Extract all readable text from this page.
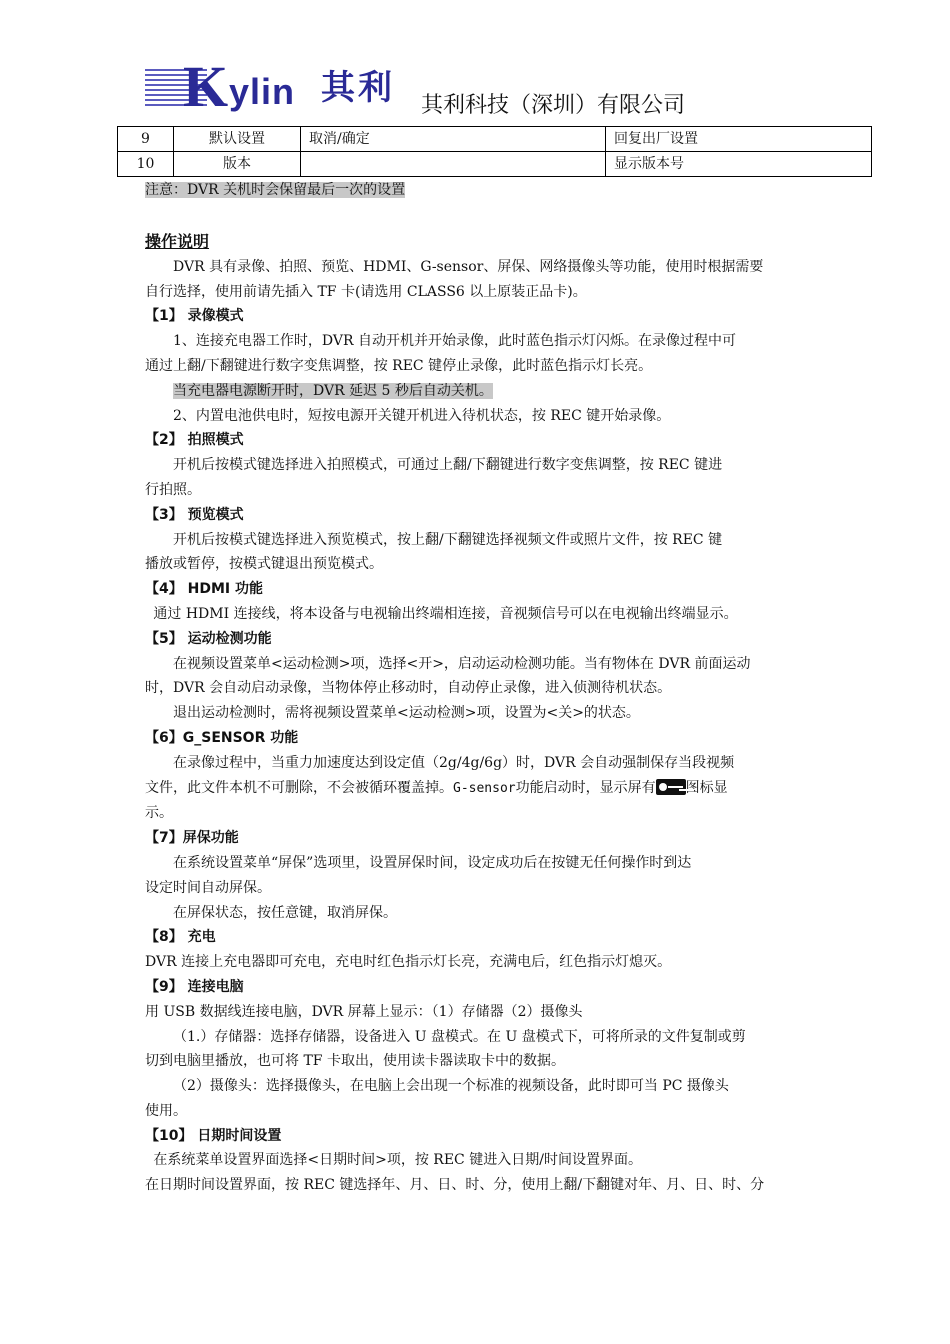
K ylin 其利 其利科技（深圳）有限公司
9	默认设置	取消/确定	回复出厂设置
10	版本		显示版本号

注意：DVR 关机时会保留最后一次的设置

操作说明

DVR 具有录像、拍照、预览、HDMI、G-sensor、屏保、网络摄像头等功能，使用时根据需要

自行选择，使用前请先插入 TF 卡(请选用 CLASS6 以上原装正品卡)。

【1】 录像模式

1、连接充电器工作时，DVR 自动开机并开始录像，此时蓝色指示灯闪烁。在录像过程中可

通过上翻/下翻键进行数字变焦调整，按 REC 键停止录像，此时蓝色指示灯长亮。

当充电器电源断开时，DVR 延迟 5 秒后自动关机。

2、内置电池供电时，短按电源开关键开机进入待机状态，按 REC 键开始录像。

【2】 拍照模式

开机后按模式键选择进入拍照模式，可通过上翻/下翻键进行数字变焦调整，按 REC 键进

行拍照。

【3】 预览模式

开机后按模式键选择进入预览模式，按上翻/下翻键选择视频文件或照片文件，按 REC 键

播放或暂停，按模式键退出预览模式。

【4】 HDMI 功能

通过 HDMI 连接线，将本设备与电视输出终端相连接，音视频信号可以在电视输出终端显示。

【5】 运动检测功能

在视频设置菜单<运动检测>项，选择<开>，启动运动检测功能。当有物体在 DVR 前面运动

时，DVR 会自动启动录像，当物体停止移动时，自动停止录像，进入侦测待机状态。

退出运动检测时，需将视频设置菜单<运动检测>项，设置为<关>的状态。

【6】G_SENSOR 功能

在录像过程中，当重力加速度达到设定值（2g/4g/6g）时，DVR 会自动强制保存当段视频

文件，此文件本机不可删除，不会被循环覆盖掉。G-sensor功能启动时，显示屏有 图标显

示。

【7】屏保功能

在系统设置菜单“屏保”选项里，设置屏保时间，设定成功后在按键无任何操作时到达

设定时间自动屏保。

在屏保状态，按任意键，取消屏保。

【8】 充电

DVR 连接上充电器即可充电，充电时红色指示灯长亮，充满电后，红色指示灯熄灭。

【9】 连接电脑

用 USB 数据线连接电脑，DVR 屏幕上显示：（1）存储器（2）摄像头

（1.）存储器：选择存储器，设备进入 U 盘模式。在 U 盘模式下，可将所录的文件复制或剪

切到电脑里播放，也可将 TF 卡取出，使用读卡器读取卡中的数据。

（2）摄像头：选择摄像头，在电脑上会出现一个标准的视频设备，此时即可当 PC 摄像头

使用。

【10】 日期时间设置

在系统菜单设置界面选择<日期时间>项，按 REC 键进入日期/时间设置界面。

在日期时间设置界面，按 REC 键选择年、月、日、时、分，使用上翻/下翻键对年、月、日、时、分
